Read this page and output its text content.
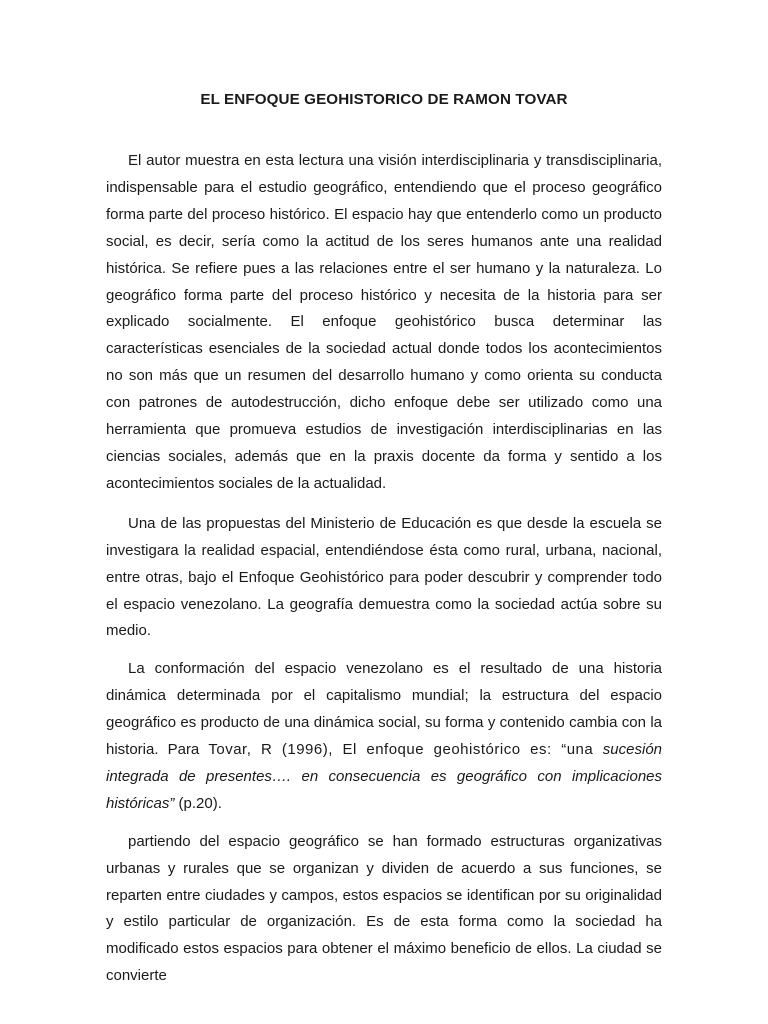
EL ENFOQUE GEOHISTORICO DE RAMON TOVAR

El autor muestra en esta lectura una visión interdisciplinaria y transdisciplinaria, indispensable para el estudio geográfico, entendiendo que el proceso geográfico forma parte del proceso histórico. El espacio hay que entenderlo como un producto social, es decir, sería como la actitud de los seres humanos ante una realidad histórica. Se refiere pues a las relaciones entre el ser humano y la naturaleza. Lo geográfico forma parte del proceso histórico y necesita de la historia para ser explicado socialmente. El enfoque geohistórico busca determinar las características esenciales de la sociedad actual donde todos los acontecimientos no son más que un resumen del desarrollo humano y como orienta su conducta con patrones de autodestrucción, dicho enfoque debe ser utilizado como una herramienta que promueva estudios de investigación interdisciplinarias en las ciencias sociales, además que en la praxis docente da forma y sentido a los acontecimientos sociales de la actualidad.

Una de las propuestas del Ministerio de Educación es que desde la escuela se investigara la realidad espacial, entendiéndose ésta como rural, urbana, nacional, entre otras, bajo el Enfoque Geohistórico para poder descubrir y comprender todo el espacio venezolano. La geografía demuestra como la sociedad actúa sobre su medio.

La conformación del espacio venezolano es el resultado de una historia dinámica determinada por el capitalismo mundial; la estructura del espacio geográfico es producto de una dinámica social, su forma y contenido cambia con la historia. Para Tovar, R (1996), El enfoque geohistórico es: “una sucesión integrada de presentes…. en consecuencia es geográfico con implicaciones históricas” (p.20).

partiendo del espacio geográfico se han formado estructuras organizativas urbanas y rurales que se organizan y dividen de acuerdo a sus funciones, se reparten entre ciudades y campos, estos espacios se identifican por su originalidad y estilo particular de organización. Es de esta forma como la sociedad ha modificado estos espacios para obtener el máximo beneficio de ellos. La ciudad se convierte
